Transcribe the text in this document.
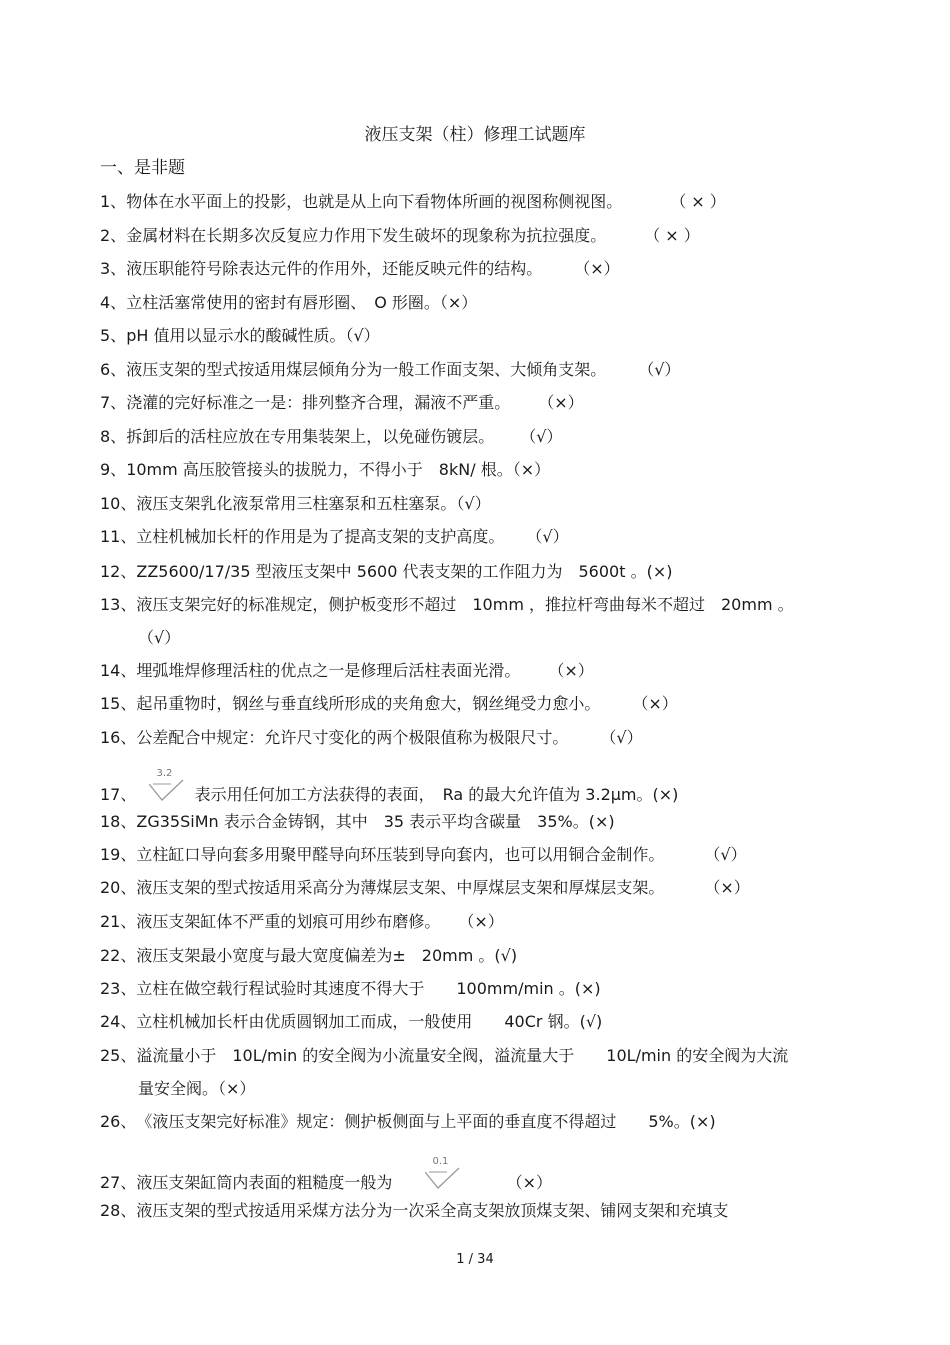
液压支架（柱）修理工试题库
一、是非题
1、物体在水平面上的投影，也就是从上向下看物体所画的视图称侧视图。	（ × ）
2、金属材料在长期多次反复应力作用下发生破坏的现象称为抗拉强度。	（ × ）
3、液压职能符号除表达元件的作用外，还能反映元件的结构。	（×）
4、立柱活塞常使用的密封有唇形圈、　O 形圈。（×）
5、pH 值用以显示水的酸碱性质。（√）
6、液压支架的型式按适用煤层倾角分为一般工作面支架、大倾角支架。	（√）
7、浇灌的完好标准之一是：排列整齐合理，漏液不严重。 （×）
8、拆卸后的活柱应放在专用集装架上，以免碰伤镀层。 （√）
9、10mm 高压胶管接头的拔脱力，不得小于　8kN/ 根。（×）
10、液压支架乳化液泵常用三柱塞泵和五柱塞泵。（√）
11、立柱机械加长杆的作用是为了提高支架的支护高度。 （√）
12、ZZ5600/17/35 型液压支架中 5600 代表支架的工作阻力为　5600t 。(×)
13、液压支架完好的标准规定，侧护板变形不超过　10mm ，推拉杆弯曲每米不超过　20mm 。
（√）
14、埋弧堆焊修理活柱的优点之一是修理后活柱表面光滑。 （×）
15、起吊重物时，钢丝与垂直线所形成的夹角愈大，钢丝绳受力愈小。	（×）
16、公差配合中规定：允许尺寸变化的两个极限值称为极限尺寸。	（√）
17、
3.2
表示用任何加工方法获得的表面，　Ra 的最大允许值为 3.2μm。(×)
18、ZG35SiMn 表示合金铸钢，其中　35 表示平均含碳量　35%。(×)
19、立柱缸口导向套多用聚甲醛导向环压装到导向套内，也可以用铜合金制作。	（√）
20、液压支架的型式按适用采高分为薄煤层支架、中厚煤层支架和厚煤层支架。	（×）
21、液压支架缸体不严重的划痕可用纱布磨修。 （×）
22、液压支架最小宽度与最大宽度偏差为±　20mm 。(√)
23、立柱在做空载行程试验时其速度不得大于　　100mm/min 。(×)
24、立柱机械加长杆由优质圆钢加工而成，一般使用　　40Cr 钢。(√)
25、溢流量小于　10L/min 的安全阀为小流量安全阀，溢流量大于　　10L/min 的安全阀为大流
量安全阀。（×）
26、《液压支架完好标准》规定：侧护板侧面与上平面的垂直度不得超过　　5%。(×)
27、液压支架缸筒内表面的粗糙度一般为
0.1
（×）
28、液压支架的型式按适用采煤方法分为一次采全高支架放顶煤支架、铺网支架和充填支
1 / 34
